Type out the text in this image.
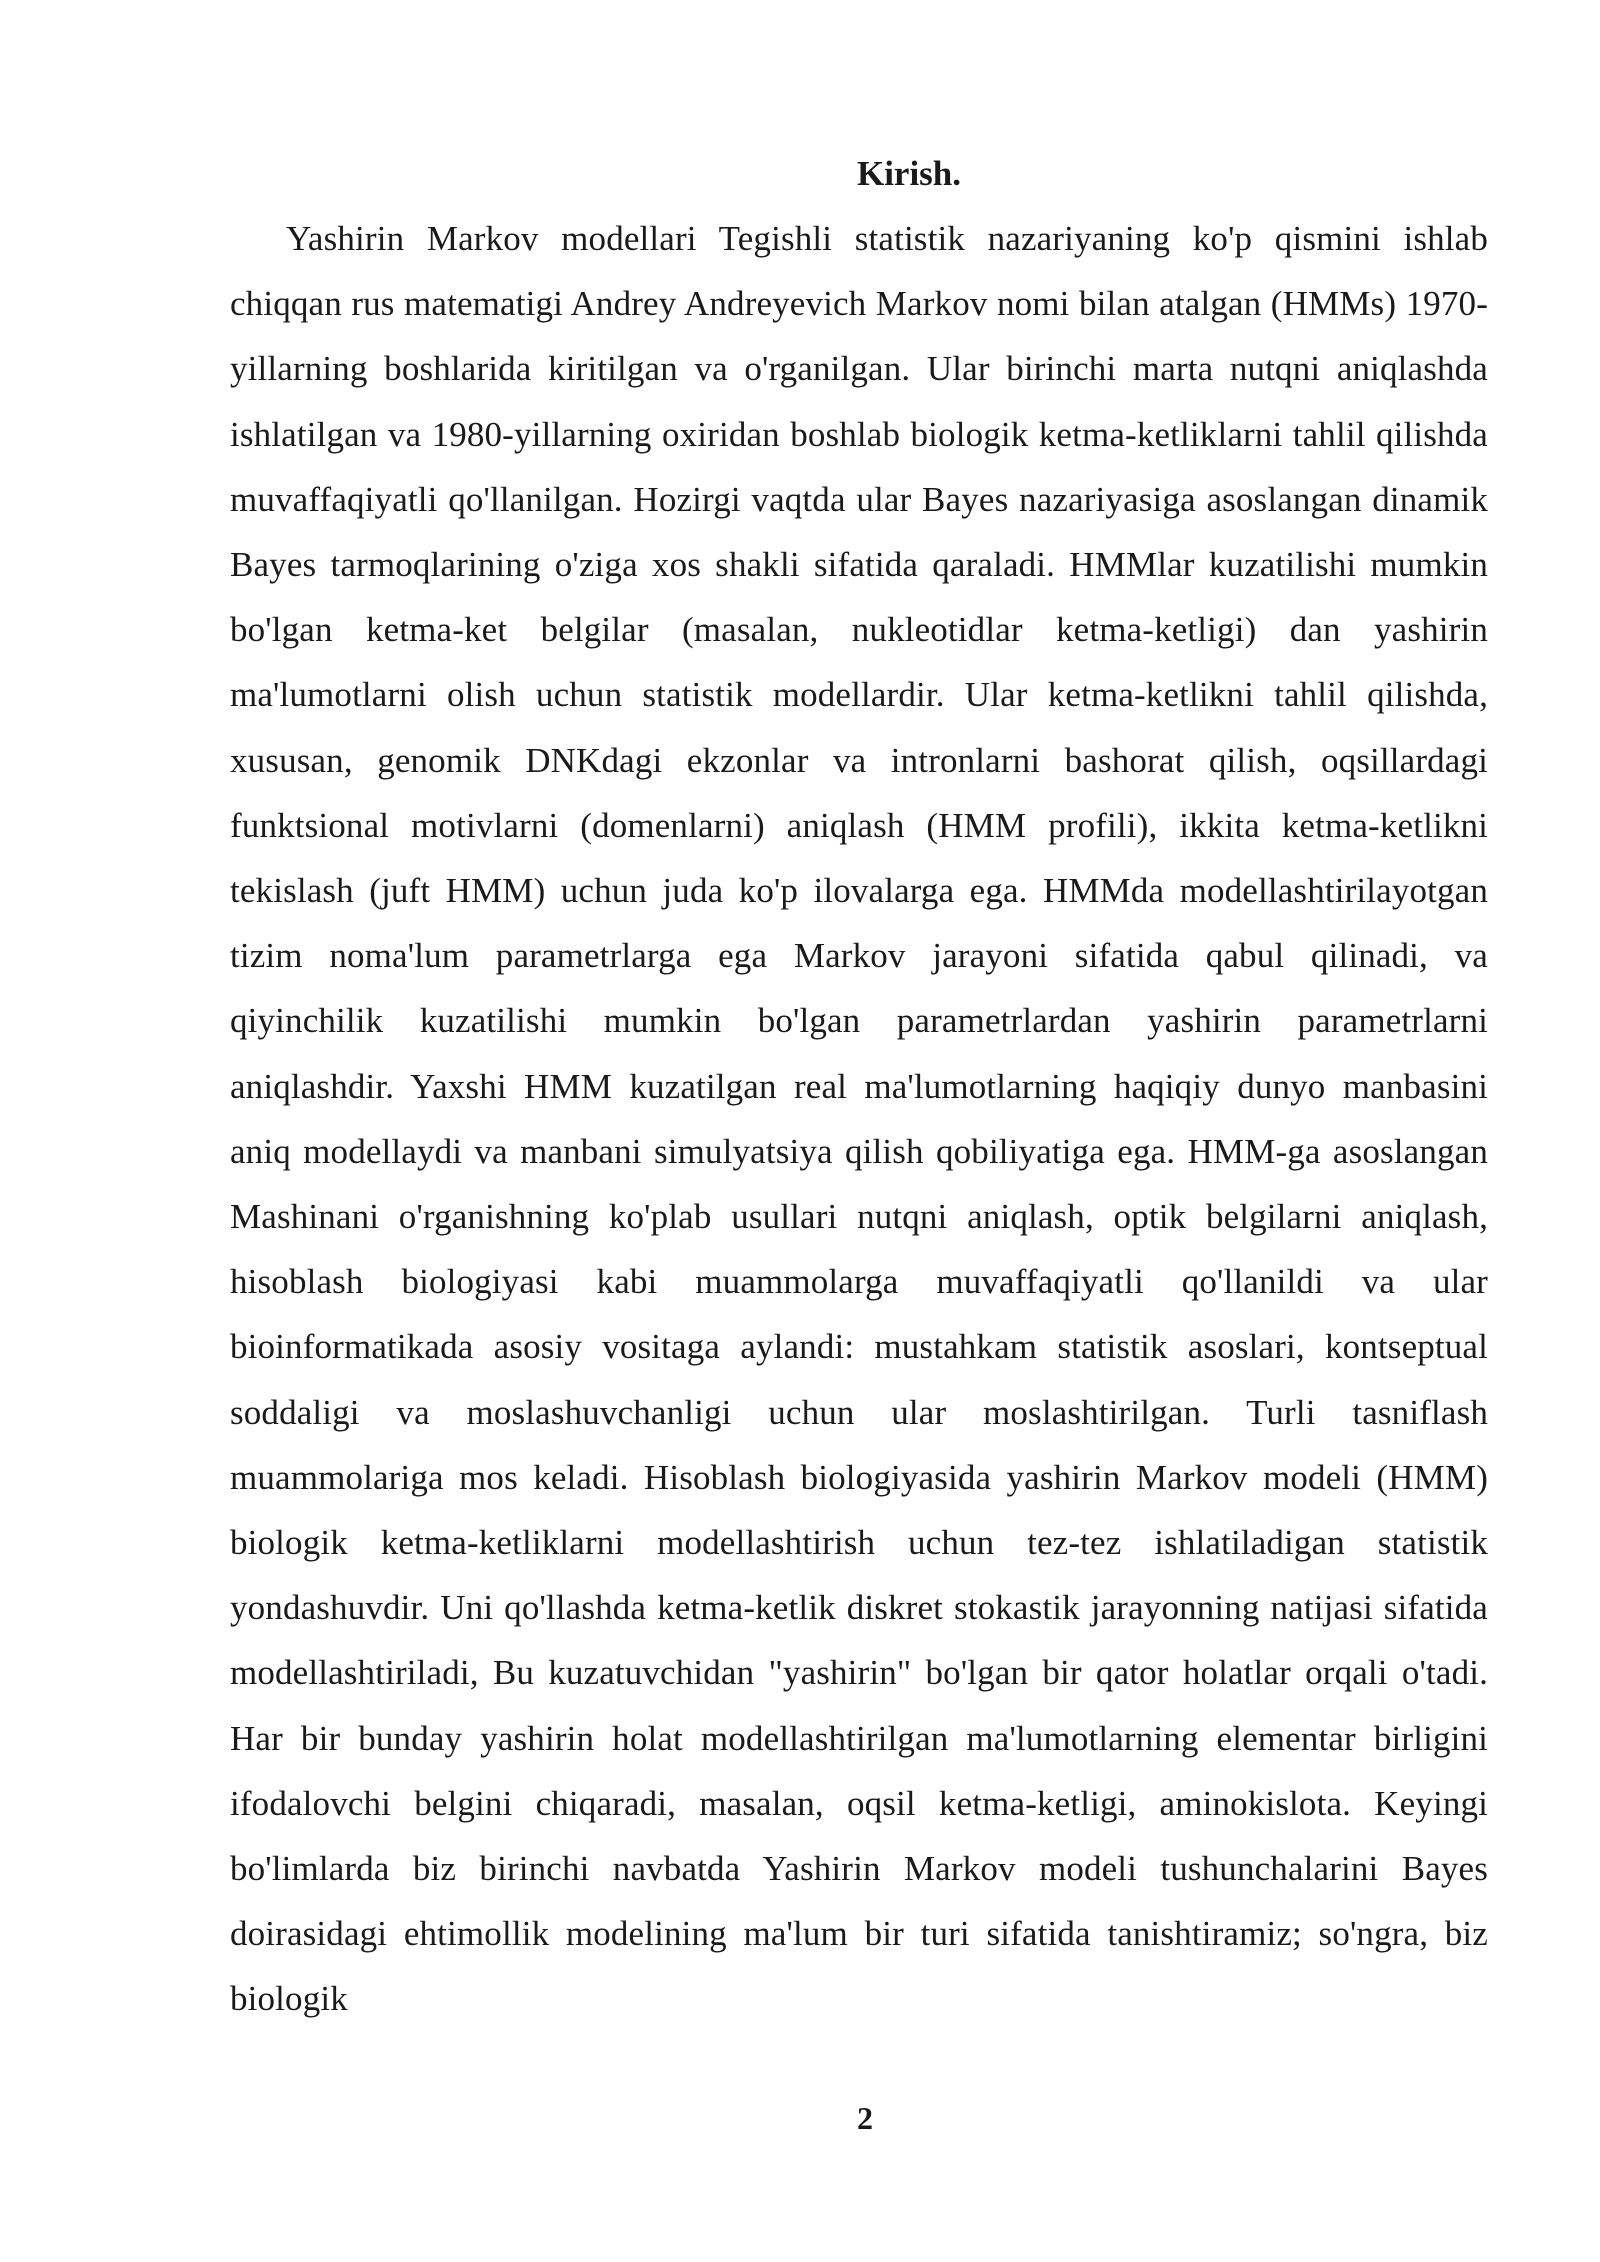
Kirish.

Yashirin Markov modellari Tegishli statistik nazariyaning ko'p qismini ishlab chiqqan rus matematigi Andrey Andreyevich Markov nomi bilan atalgan (HMMs) 1970-yillarning boshlarida kiritilgan va o'rganilgan. Ular birinchi marta nutqni aniqlashda ishlatilgan va 1980-yillarning oxiridan boshlab biologik ketma-ketliklarni tahlil qilishda muvaffaqiyatli qo'llanilgan. Hozirgi vaqtda ular Bayes nazariyasiga asoslangan dinamik Bayes tarmoqlarining o'ziga xos shakli sifatida qaraladi. HMMlar kuzatilishi mumkin bo'lgan ketma-ket belgilar (masalan, nukleotidlar ketma-ketligi) dan yashirin ma'lumotlarni olish uchun statistik modellardir. Ular ketma-ketlikni tahlil qilishda, xususan, genomik DNKdagi ekzonlar va intronlarni bashorat qilish, oqsillardagi funktsional motivlarni (domenlarni) aniqlash (HMM profili), ikkita ketma-ketlikni tekislash (juft HMM) uchun juda ko'p ilovalarga ega. HMMda modellashtirilayotgan tizim noma'lum parametrlarga ega Markov jarayoni sifatida qabul qilinadi, va qiyinchilik kuzatilishi mumkin bo'lgan parametrlardan yashirin parametrlarni aniqlashdir. Yaxshi HMM kuzatilgan real ma'lumotlarning haqiqiy dunyo manbasini aniq modellaydi va manbani simulyatsiya qilish qobiliyatiga ega. HMM-ga asoslangan Mashinani o'rganishning ko'plab usullari nutqni aniqlash, optik belgilarni aniqlash, hisoblash biologiyasi kabi muammolarga muvaffaqiyatli qo'llanildi va ular bioinformatikada asosiy vositaga aylandi: mustahkam statistik asoslari, kontseptual soddaligi va moslashuvchanligi uchun ular moslashtirilgan. Turli tasniflash muammolariga mos keladi. Hisoblash biologiyasida yashirin Markov modeli (HMM) biologik ketma-ketliklarni modellashtirish uchun tez-tez ishlatiladigan statistik yondashuvdir. Uni qo'llashda ketma-ketlik diskret stokastik jarayonning natijasi sifatida modellashtiriladi, Bu kuzatuvchidan "yashirin" bo'lgan bir qator holatlar orqali o'tadi. Har bir bunday yashirin holat modellashtirilgan ma'lumotlarning elementar birligini ifodalovchi belgini chiqaradi, masalan, oqsil ketma-ketligi, aminokislota. Keyingi bo'limlarda biz birinchi navbatda Yashirin Markov modeli tushunchalarini Bayes doirasidagi ehtimollik modelining ma'lum bir turi sifatida tanishtiramiz; so'ngra, biz biologik

2
